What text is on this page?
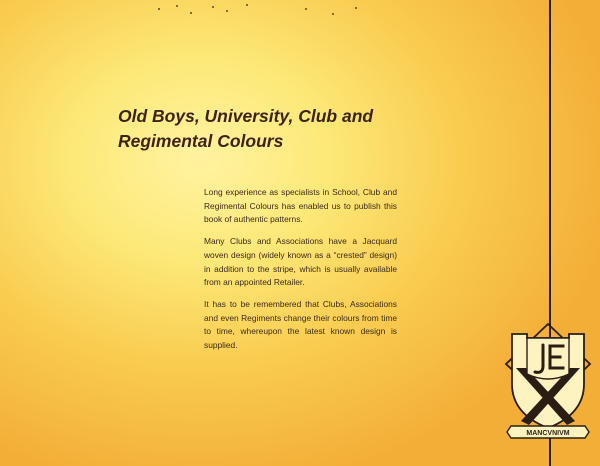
Old Boys, University, Club and
Regimental Colours

Long experience as specialists in School, Club and Regimental Colours has enabled us to publish this book of authentic patterns.

Many Clubs and Associations have a Jacquard woven design (widely known as a “crested” design) in addition to the stripe, which is usually available from an appointed Retailer.

It has to be remembered that Clubs, Associations and even Regiments change their colours from time to time, whereupon the latest known design is supplied.

MANCVNIVM
